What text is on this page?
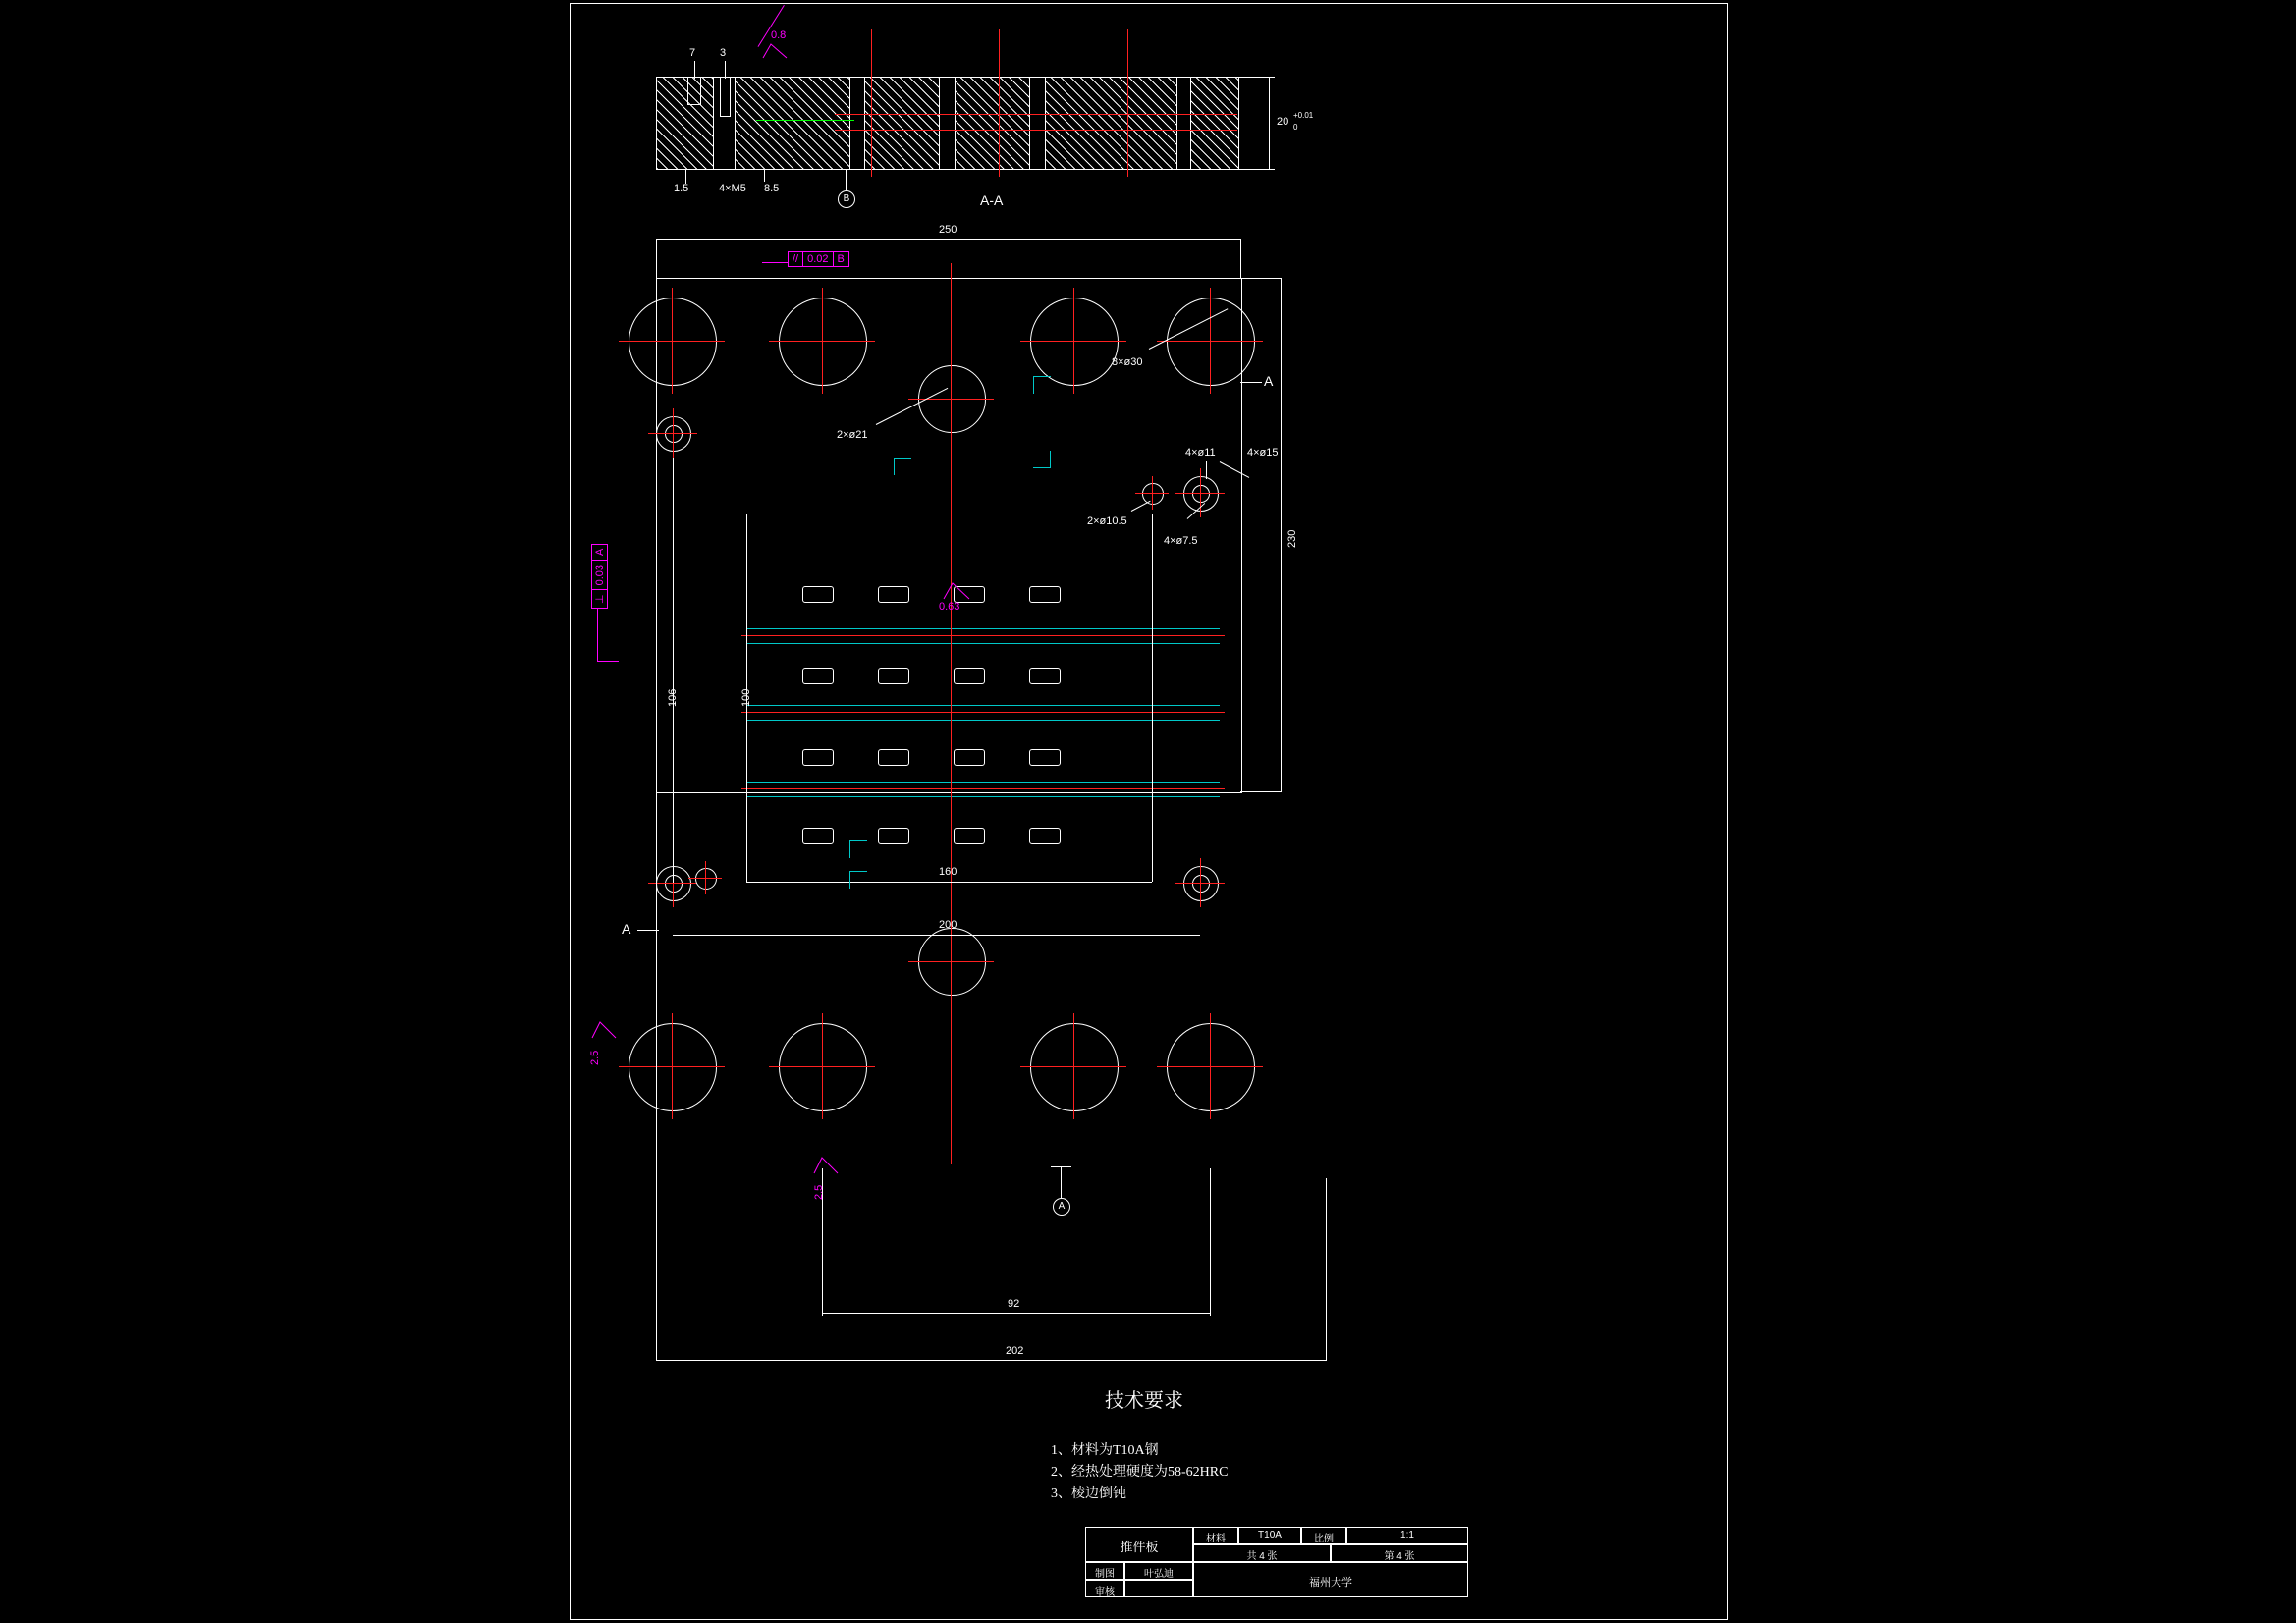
20
+0.01
0
7 3
0.8
1.5	4×M5 8.5
B	A-A
250
230
// 0.02 B
⊥
0.03
A
8×ø30
2×ø21
4×ø11	4×ø15
2×ø10.5
4×ø7.5
106	100
160
200
92
202
0.63
2.5
2.5
A
A
A
技术要求
1、材料为T10A钢
2、经热处理硬度为58-62HRC
3、棱边倒钝
推件板
材料	T10A	比例	1:1
共 4 张	第 4 张
制图	叶弘迪
审核
福州大学
